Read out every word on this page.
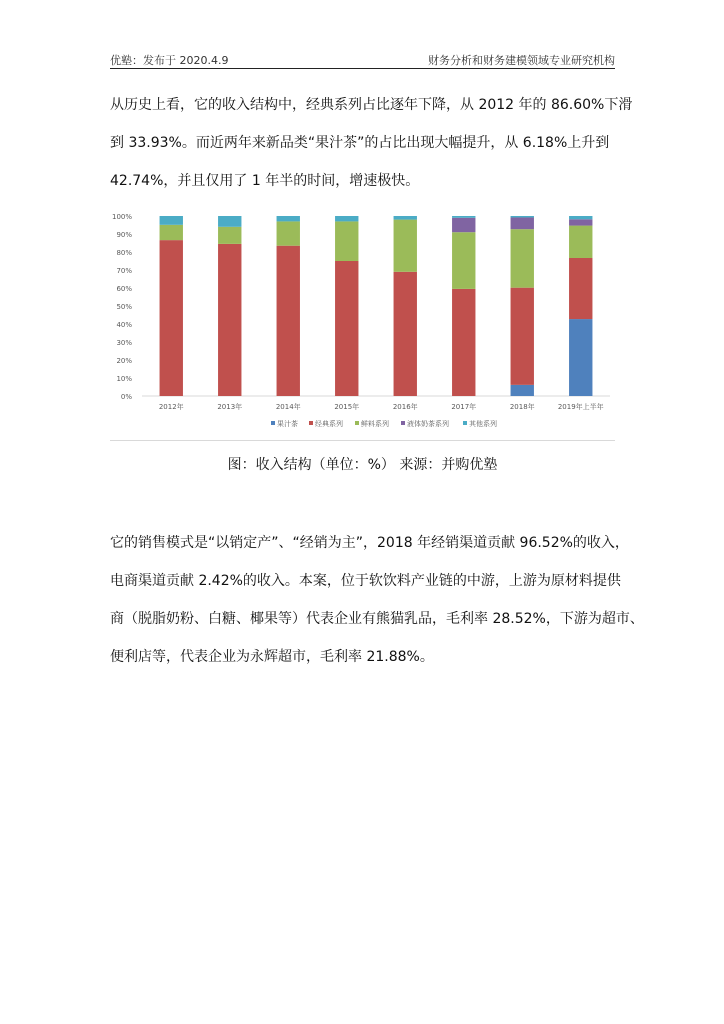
优塾：发布于 2020.4.9	财务分析和财务建模领域专业研究机构
从历史上看，它的收入结构中，经典系列占比逐年下降，从 2012 年的 86.60%下滑
到 33.93%。而近两年来新品类“果汁茶”的占比出现大幅提升，从 6.18%上升到
42.74%，并且仅用了 1 年半的时间，增速极快。
0%
10%
20%
30%
40%
50%
60%
70%
80%
90%
100%
2012年	2013年	2014年	2015年	2016年	2017年	2018年	2019年上半年
果汁茶 经典系列	鲜料系列	液体奶茶系列	其他系列
图：收入结构（单位：%） 来源：并购优塾
它的销售模式是“以销定产”、“经销为主”，2018 年经销渠道贡献 96.52%的收入，
电商渠道贡献 2.42%的收入。本案，位于软饮料产业链的中游，上游为原材料提供
商（脱脂奶粉、白糖、椰果等）代表企业有熊猫乳品，毛利率 28.52%，下游为超市、
便利店等，代表企业为永辉超市，毛利率 21.88%。
